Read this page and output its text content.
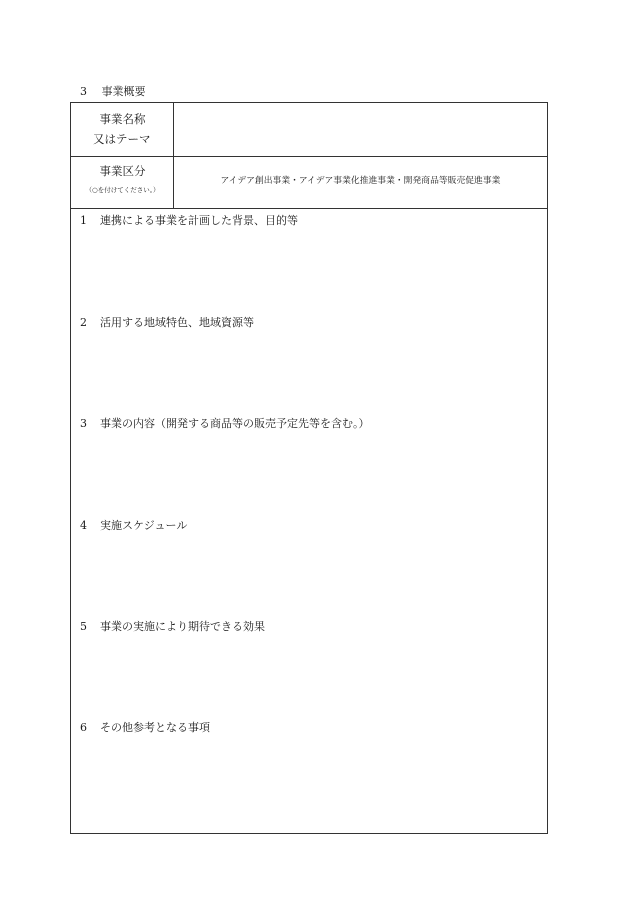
3　 事業概要
事業名称
又はテーマ
事業区分
（○を付けてください。）
アイデア創出事業・アイデア事業化推進事業・開発商品等販売促進事業
1 連携による事業を計画した背景、目的等
2 活用する地域特色、地域資源等
3 事業の内容（開発する商品等の販売予定先等を含む。）
4 実施スケジュール
5 事業の実施により期待できる効果
6 その他参考となる事項
